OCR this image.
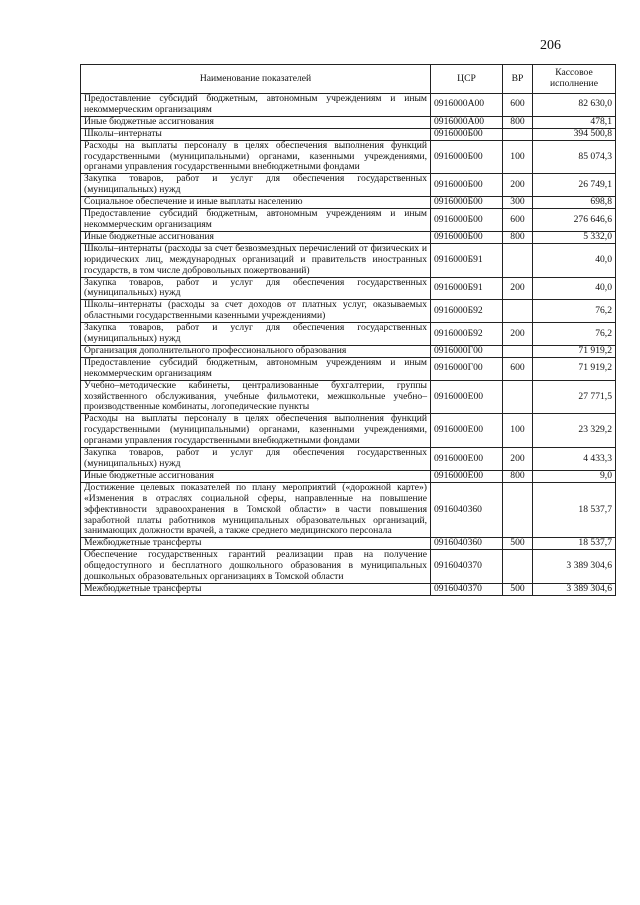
206
Наименование показателей	ЦСР	ВР	Кассовое исполнение
Предоставление субсидий бюджетным, автономным учреждениям и иным некоммерческим организациям	0916000А00	600	82 630,0
Иные бюджетные ассигнования	0916000А00	800	478,1
Школы–интернаты	0916000Б00		394 500,8
Расходы на выплаты персоналу в целях обеспечения выполнения функций государственными (муниципальными) органами, казенными учреждениями, органами управления государственными внебюджетными фондами	0916000Б00	100	85 074,3
Закупка товаров, работ и услуг для обеспечения государственных (муниципальных) нужд	0916000Б00	200	26 749,1
Социальное обеспечение и иные выплаты населению	0916000Б00	300	698,8
Предоставление субсидий бюджетным, автономным учреждениям и иным некоммерческим организациям	0916000Б00	600	276 646,6
Иные бюджетные ассигнования	0916000Б00	800	5 332,0
Школы–интернаты (расходы за счет безвозмездных перечислений от физических и юридических лиц, международных организаций и правительств иностранных государств, в том числе добровольных пожертвований)	0916000Б91		40,0
Закупка товаров, работ и услуг для обеспечения государственных (муниципальных) нужд	0916000Б91	200	40,0
Школы–интернаты (расходы за счет доходов от платных услуг, оказываемых областными государственными казенными учреждениями)	0916000Б92		76,2
Закупка товаров, работ и услуг для обеспечения государственных (муниципальных) нужд	0916000Б92	200	76,2
Организация дополнительного профессионального образования	0916000Г00		71 919,2
Предоставление субсидий бюджетным, автономным учреждениям и иным некоммерческим организациям	0916000Г00	600	71 919,2
Учебно–методические кабинеты, централизованные бухгалтерии, группы хозяйственного обслуживания, учебные фильмотеки, межшкольные учебно–производственные комбинаты, логопедические пункты	0916000Е00		27 771,5
Расходы на выплаты персоналу в целях обеспечения выполнения функций государственными (муниципальными) органами, казенными учреждениями, органами управления государственными внебюджетными фондами	0916000Е00	100	23 329,2
Закупка товаров, работ и услуг для обеспечения государственных (муниципальных) нужд	0916000Е00	200	4 433,3
Иные бюджетные ассигнования	0916000Е00	800	9,0
Достижение целевых показателей по плану мероприятий («дорожной карте») «Изменения в отраслях социальной сферы, направленные на повышение эффективности здравоохранения в Томской области» в части повышения заработной платы работников муниципальных образовательных организаций, занимающих должности врачей, а также среднего медицинского персонала	0916040360		18 537,7
Межбюджетные трансферты	0916040360	500	18 537,7
Обеспечение государственных гарантий реализации прав на получение общедоступного и бесплатного дошкольного образования в муниципальных дошкольных образовательных организациях в Томской области	0916040370		3 389 304,6
Межбюджетные трансферты	0916040370	500	3 389 304,6
